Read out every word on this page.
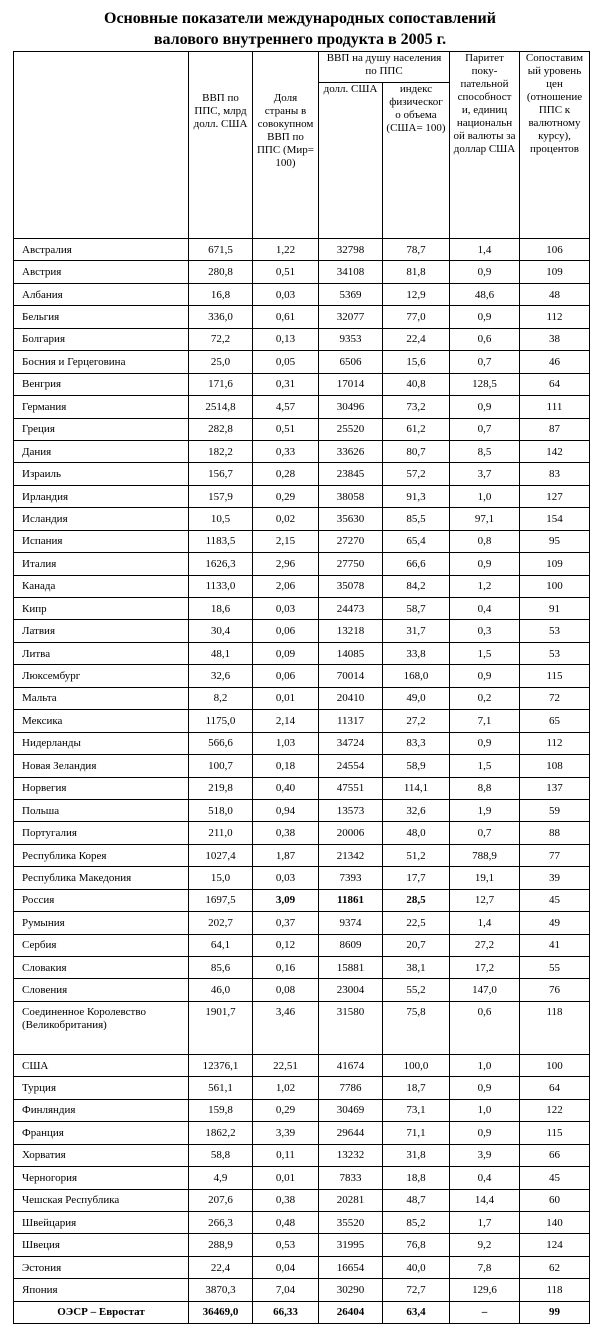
Основные показатели международных сопоставлений
валового внутреннего продукта в 2005 г.
	ВВП по ППС, млрд долл. США	Доля страны в совокупном ВВП по ППС (Мир= 100)	ВВП на душу населения по ППС		Паритет поку- пательной способност и, единиц национальн ой валюты за доллар США	Сопоставим ый уровень цен (отношение ППС к валютному курсу), процентов
			долл. США	индекс физическог о объема (США= 100)		
Австралия	671,5	1,22	32798	78,7	1,4	106
Австрия	280,8	0,51	34108	81,8	0,9	109
Албания	16,8	0,03	5369	12,9	48,6	48
Бельгия	336,0	0,61	32077	77,0	0,9	112
Болгария	72,2	0,13	9353	22,4	0,6	38
Босния и Герцеговина	25,0	0,05	6506	15,6	0,7	46
Венгрия	171,6	0,31	17014	40,8	128,5	64
Германия	2514,8	4,57	30496	73,2	0,9	111
Греция	282,8	0,51	25520	61,2	0,7	87
Дания	182,2	0,33	33626	80,7	8,5	142
Израиль	156,7	0,28	23845	57,2	3,7	83
Ирландия	157,9	0,29	38058	91,3	1,0	127
Исландия	10,5	0,02	35630	85,5	97,1	154
Испания	1183,5	2,15	27270	65,4	0,8	95
Италия	1626,3	2,96	27750	66,6	0,9	109
Канада	1133,0	2,06	35078	84,2	1,2	100
Кипр	18,6	0,03	24473	58,7	0,4	91
Латвия	30,4	0,06	13218	31,7	0,3	53
Литва	48,1	0,09	14085	33,8	1,5	53
Люксембург	32,6	0,06	70014	168,0	0,9	115
Мальта	8,2	0,01	20410	49,0	0,2	72
Мексика	1175,0	2,14	11317	27,2	7,1	65
Нидерланды	566,6	1,03	34724	83,3	0,9	112
Новая Зеландия	100,7	0,18	24554	58,9	1,5	108
Норвегия	219,8	0,40	47551	114,1	8,8	137
Польша	518,0	0,94	13573	32,6	1,9	59
Португалия	211,0	0,38	20006	48,0	0,7	88
Республика Корея	1027,4	1,87	21342	51,2	788,9	77
Республика Македония	15,0	0,03	7393	17,7	19,1	39
Россия	1697,5	3,09	11861	28,5	12,7	45
Румыния	202,7	0,37	9374	22,5	1,4	49
Сербия	64,1	0,12	8609	20,7	27,2	41
Словакия	85,6	0,16	15881	38,1	17,2	55
Словения	46,0	0,08	23004	55,2	147,0	76
Соединенное Королевство (Великобритания)	1901,7	3,46	31580	75,8	0,6	118
США	12376,1	22,51	41674	100,0	1,0	100
Турция	561,1	1,02	7786	18,7	0,9	64
Финляндия	159,8	0,29	30469	73,1	1,0	122
Франция	1862,2	3,39	29644	71,1	0,9	115
Хорватия	58,8	0,11	13232	31,8	3,9	66
Черногория	4,9	0,01	7833	18,8	0,4	45
Чешская Республика	207,6	0,38	20281	48,7	14,4	60
Швейцария	266,3	0,48	35520	85,2	1,7	140
Швеция	288,9	0,53	31995	76,8	9,2	124
Эстония	22,4	0,04	16654	40,0	7,8	62
Япония	3870,3	7,04	30290	72,7	129,6	118
ОЭСР – Евростат	36469,0	66,33	26404	63,4	–	99
